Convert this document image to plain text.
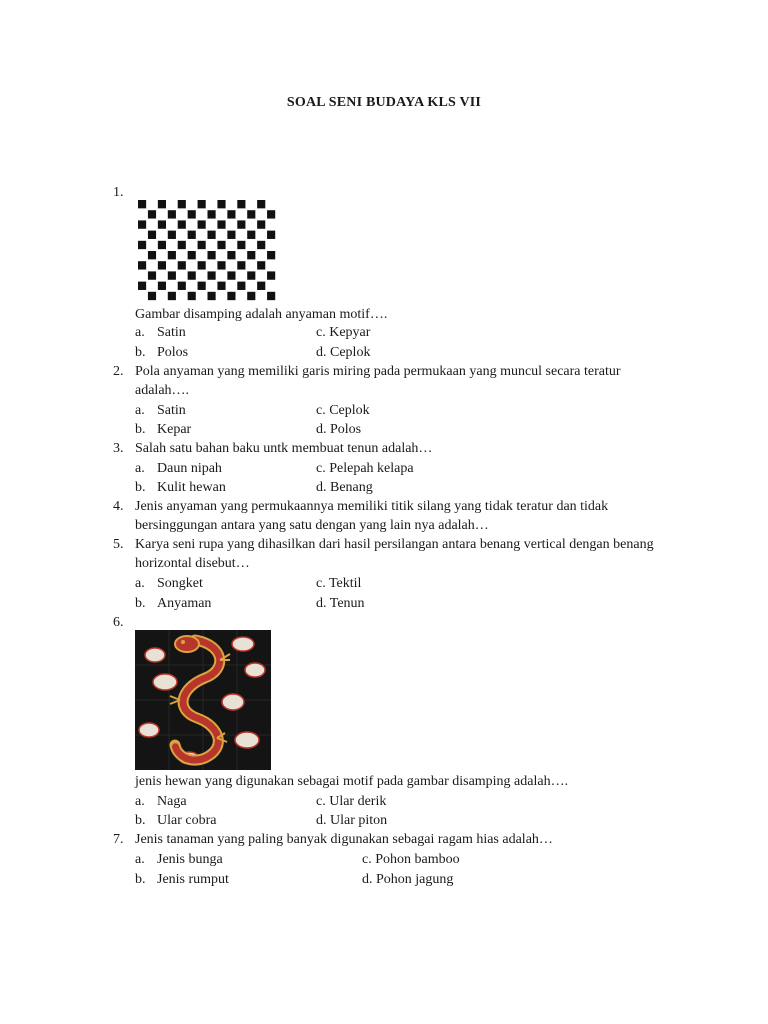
SOAL SENI BUDAYA KLS VII
1.
Gambar disamping adalah anyaman motif….
a. Satin	c. Kepyar
b. Polos	d. Ceplok
2. Pola anyaman yang memiliki garis miring pada permukaan yang muncul secara teratur adalah….
a. Satin	c. Ceplok
b. Kepar	d. Polos
3. Salah satu bahan baku untk membuat tenun adalah…
a. Daun nipah	c. Pelepah kelapa
b. Kulit hewan	d. Benang
4. Jenis anyaman yang permukaannya memiliki titik silang yang tidak teratur dan tidak bersinggungan antara yang satu dengan yang lain nya adalah…
5. Karya seni rupa yang dihasilkan dari hasil persilangan antara benang vertical dengan benang horizontal disebut…
a. Songket	c. Tektil
b. Anyaman	d. Tenun
6.
jenis hewan yang digunakan sebagai motif pada gambar disamping adalah….
a. Naga	c. Ular derik
b. Ular cobra	d. Ular piton
7. Jenis tanaman yang paling banyak digunakan sebagai ragam hias adalah…
a. Jenis bunga	c. Pohon bamboo
b. Jenis rumput	d. Pohon jagung
